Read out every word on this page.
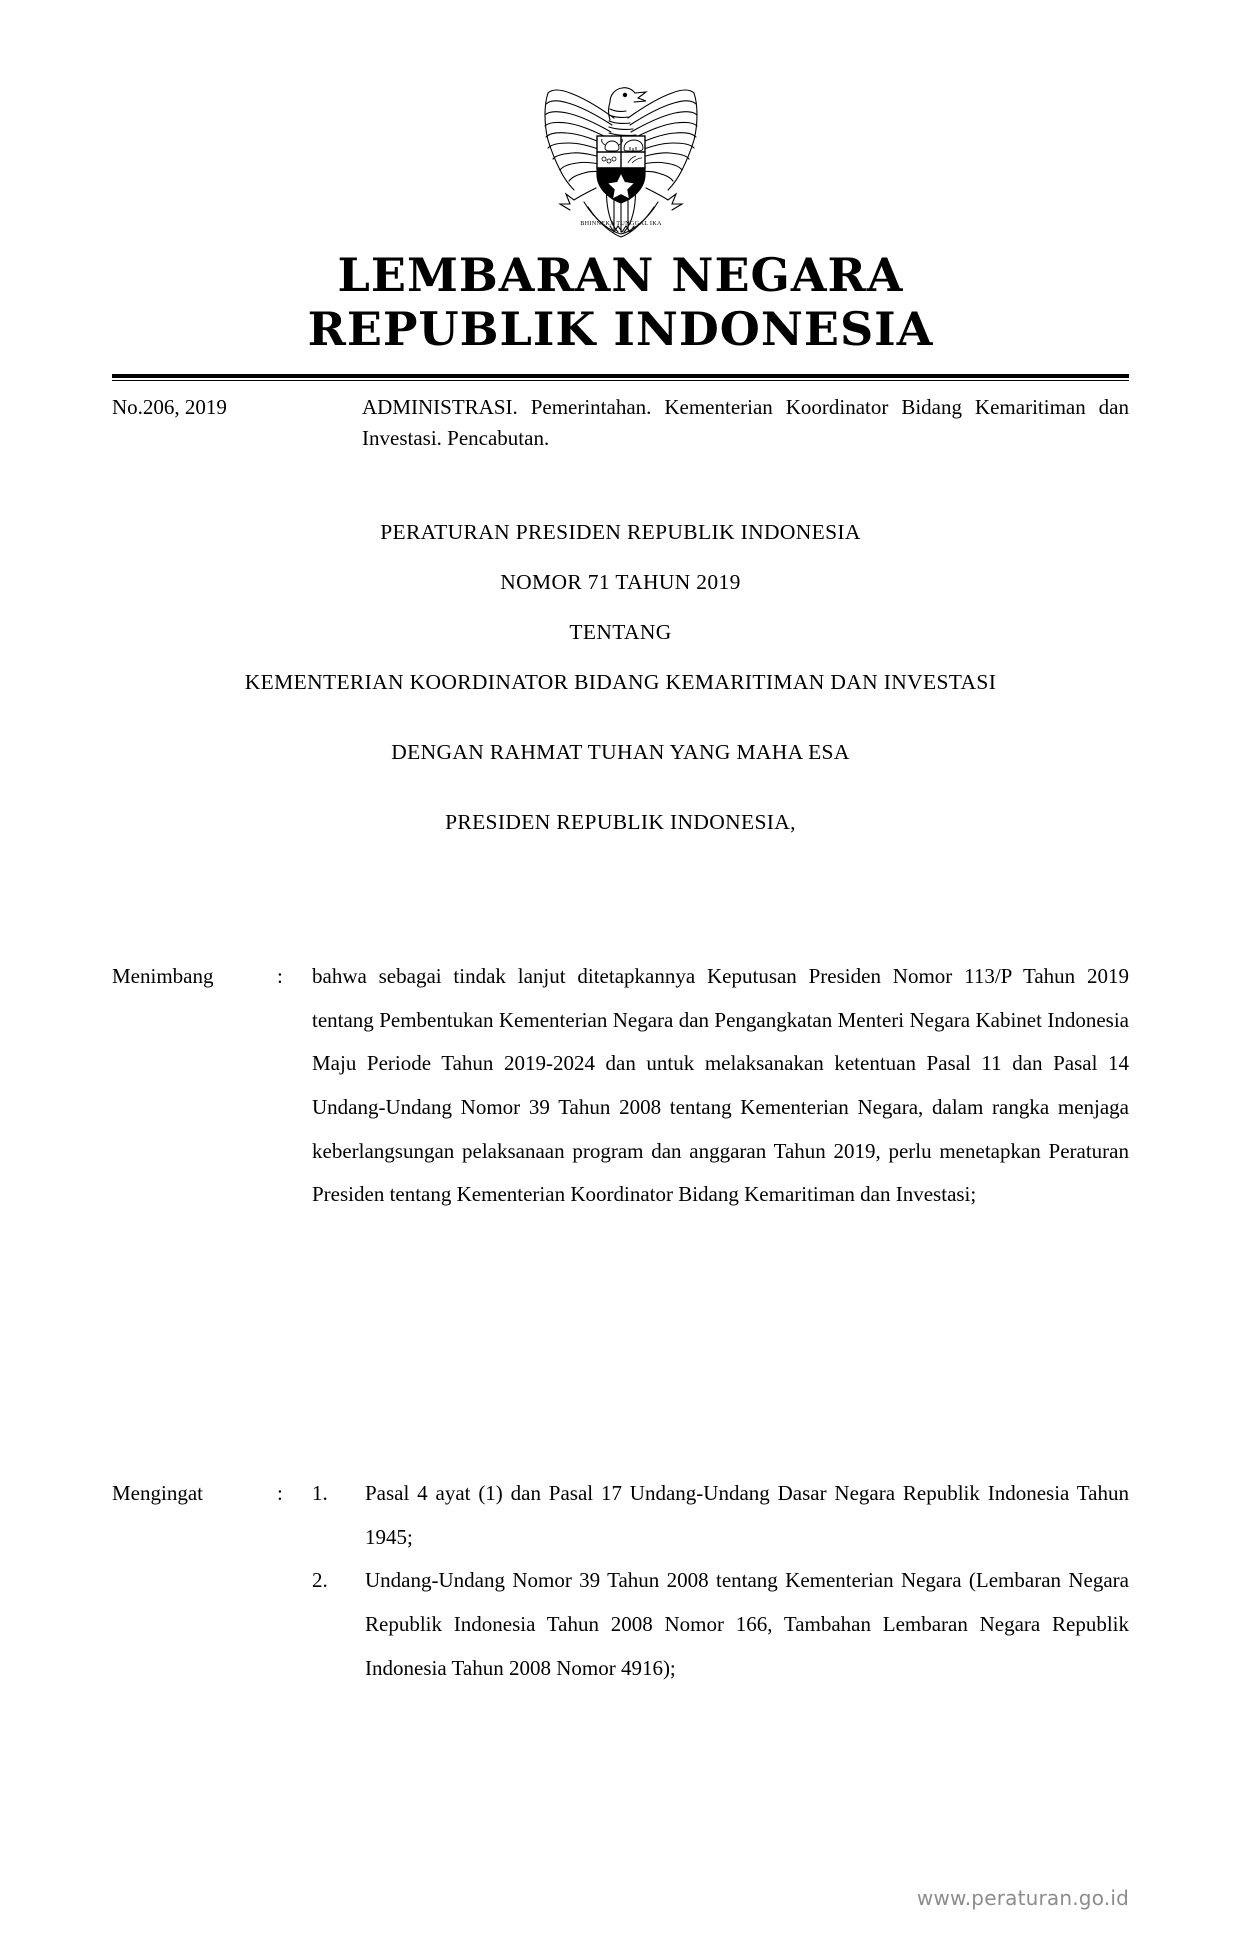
BHINNEKA TUNGGAL IKA
LEMBARAN NEGARA
REPUBLIK INDONESIA
No.206, 2019	ADMINISTRASI. Pemerintahan. Kementerian Koordinator Bidang Kemaritiman dan Investasi. Pencabutan.
PERATURAN PRESIDEN REPUBLIK INDONESIA
NOMOR 71 TAHUN 2019
TENTANG
KEMENTERIAN KOORDINATOR BIDANG KEMARITIMAN DAN INVESTASI
DENGAN RAHMAT TUHAN YANG MAHA ESA
PRESIDEN REPUBLIK INDONESIA,
Menimbang	:	bahwa sebagai tindak lanjut ditetapkannya Keputusan Presiden Nomor 113/P Tahun 2019 tentang Pembentukan Kementerian Negara dan Pengangkatan Menteri Negara Kabinet Indonesia Maju Periode Tahun 2019-2024 dan untuk melaksanakan ketentuan Pasal 11 dan Pasal 14 Undang-Undang Nomor 39 Tahun 2008 tentang Kementerian Negara, dalam rangka menjaga keberlangsungan pelaksanaan program dan anggaran Tahun 2019, perlu menetapkan Peraturan Presiden tentang Kementerian Koordinator Bidang Kemaritiman dan Investasi;
Mengingat	:	1.	Pasal 4 ayat (1) dan Pasal 17 Undang-Undang Dasar Negara Republik Indonesia Tahun 1945;
2.	Undang-Undang Nomor 39 Tahun 2008 tentang Kementerian Negara (Lembaran Negara Republik Indonesia Tahun 2008 Nomor 166, Tambahan Lembaran Negara Republik Indonesia Tahun 2008 Nomor 4916);
www.peraturan.go.id
